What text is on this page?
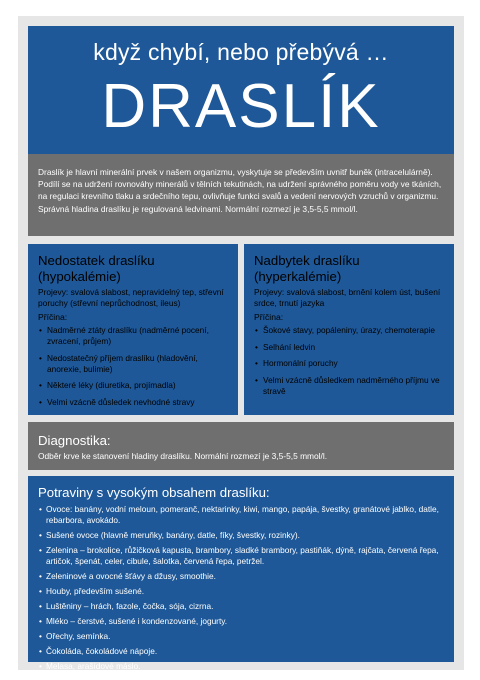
když chybí, nebo přebývá …
DRASLÍK

Draslík je hlavní minerální prvek v našem organizmu, vyskytuje se především uvnitř buněk (intracelulárně). Podílí se na udržení rovnováhy minerálů v tělních tekutinách, na udržení správného poměru vody ve tkáních, na regulaci krevního tlaku a srdečního tepu, ovlivňuje funkci svalů a vedení nervových vzruchů v organizmu. Správná hladina draslíku je regulovaná ledvinami. Normální rozmezí je 3,5-5,5 mmol/l.

Nedostatek draslíku (hypokalémie)
Projevy: svalová slabost, nepravidelný tep, střevní poruchy (střevní neprůchodnost, ileus)
Příčina:
• Nadměrné ztáty draslíku (nadměrné pocení, zvracení, průjem)
• Nedostatečný příjem draslíku (hladovění, anorexie, bulimie)
• Některé léky (diuretika, projímadla)
• Velmi vzácně důsledek nevhodné stravy
Nadbytek draslíku (hyperkalémie)
Projevy: svalová slabost, brnění kolem úst, bušení srdce, trnutí jazyka
Příčina:
• Šokové stavy, popáleniny, úrazy, chemoterapie
• Selhání ledvin
• Hormonální poruchy
• Velmi vzácně důsledkem nadměrného příjmu ve stravě
Diagnostika:

Odběr krve ke stanovení hladiny draslíku. Normální rozmezí je 3,5-5,5 mmol/l.

Potraviny s vysokým obsahem draslíku:
• Ovoce: banány, vodní meloun, pomeranč, nektarinky, kiwi, mango, papája, švestky, granátové jablko, datle, rebarbora, avokádo.
• Sušené ovoce (hlavně meruňky, banány, datle, fíky, švestky, rozinky).
• Zelenina – brokolice, růžičková kapusta, brambory, sladké brambory, pastiňák, dýně, rajčata, červená řepa, artičok, špenát, celer, cibule, šalotka, červená řepa, petržel.
• Zeleninové a ovocné šťávy a džusy, smoothie.
• Houby, především sušené.
• Luštěniny – hrách, fazole, čočka, sója, cizrna.
• Mléko – čerstvé, sušené i kondenzované, jogurty.
• Ořechy, semínka.
• Čokoláda, čokoládové nápoje.
• Melasa, arašídové máslo.
